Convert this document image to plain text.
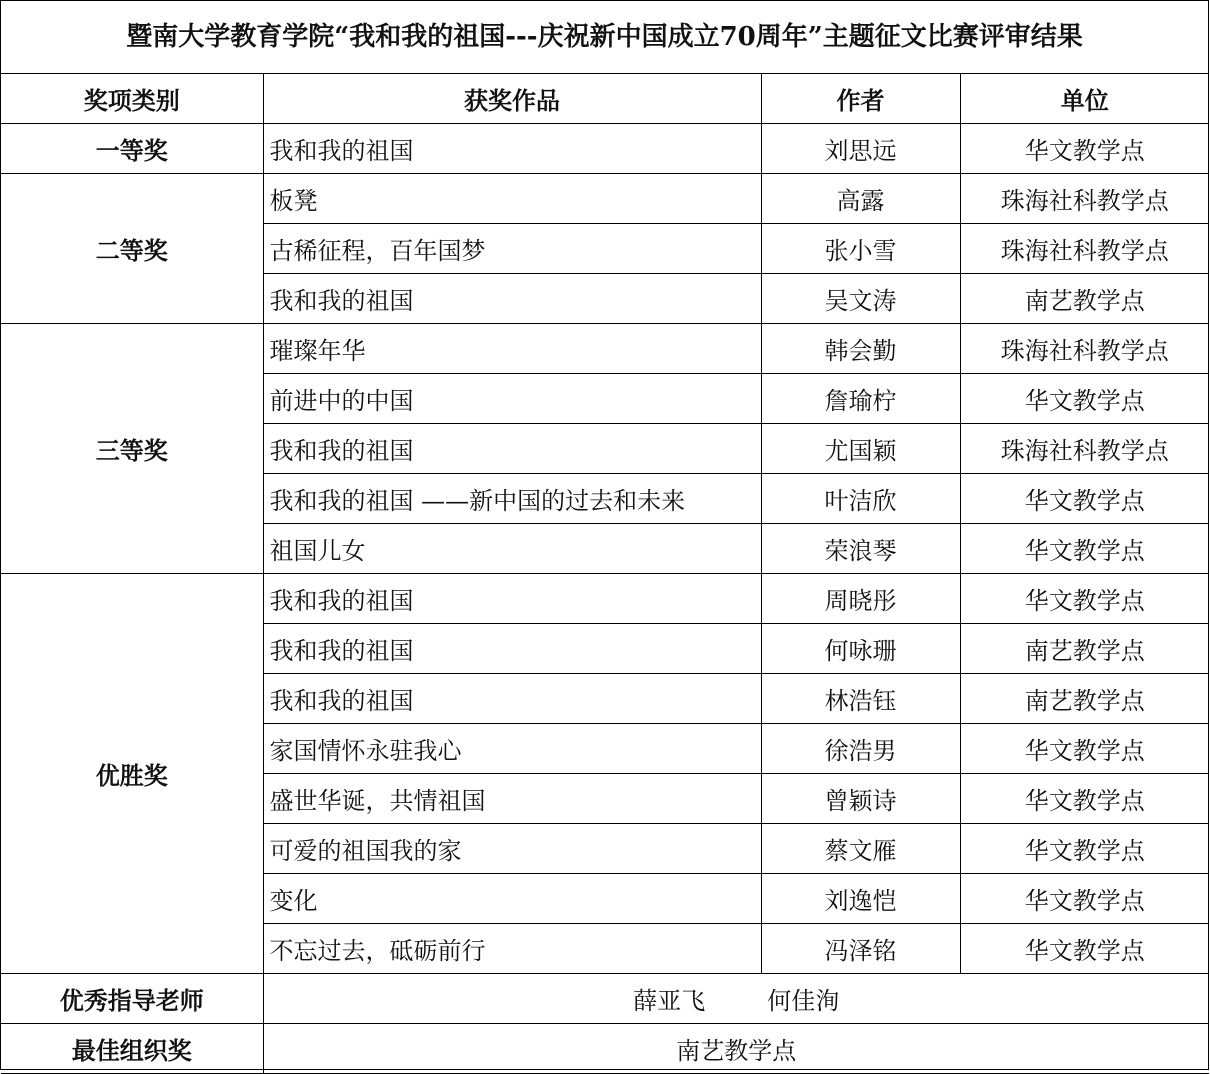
暨南大学教育学院“我和我的祖国---庆祝新中国成立70周年”主题征文比赛评审结果
奖项类别	获奖作品	作者	单位
一等奖	我和我的祖国	刘思远	华文教学点
二等奖	板凳	高露	珠海社科教学点
	古稀征程，百年国梦	张小雪	珠海社科教学点
	我和我的祖国	吴文涛	南艺教学点
三等奖	璀璨年华	韩会勤	珠海社科教学点
	前进中的中国	詹瑜柠	华文教学点
	我和我的祖国	尤国颖	珠海社科教学点
	我和我的祖国 ——新中国的过去和未来	叶洁欣	华文教学点
	祖国儿女	荣浪琴	华文教学点
优胜奖	我和我的祖国	周晓彤	华文教学点
	我和我的祖国	何咏珊	南艺教学点
	我和我的祖国	林浩钰	南艺教学点
	家国情怀永驻我心	徐浩男	华文教学点
	盛世华诞，共情祖国	曾颖诗	华文教学点
	可爱的祖国我的家	蔡文雁	华文教学点
	变化	刘逸恺	华文教学点
	不忘过去，砥砺前行	冯泽铭	华文教学点
优秀指导老师	薛亚飞 何佳洵		
最佳组织奖	南艺教学点		
